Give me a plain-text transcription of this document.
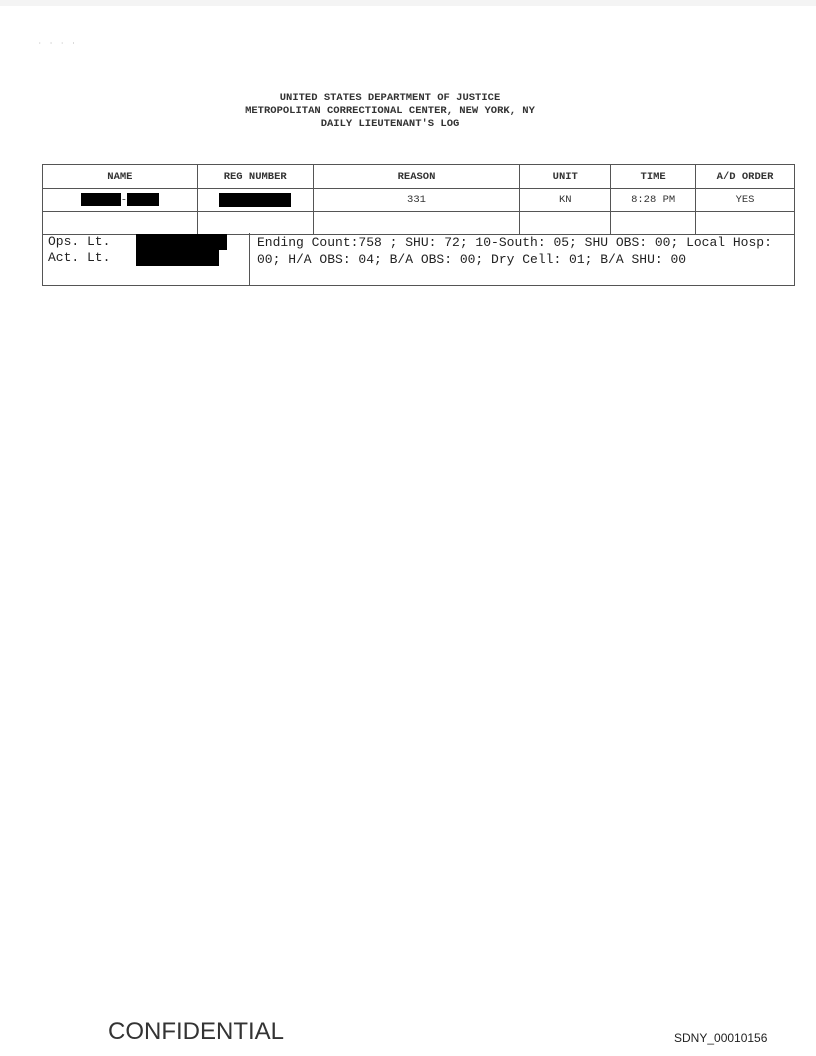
· · · ·
UNITED STATES DEPARTMENT OF JUSTICE
METROPOLITAN CORRECTIONAL CENTER, NEW YORK, NY
DAILY LIEUTENANT'S LOG
NAME	REG NUMBER	REASON	UNIT	TIME	A/D ORDER
-		331	KN	8:28 PM	YES

Ops. Lt.
Act. Lt.
Ending Count:758 ; SHU: 72; 10-South: 05; SHU OBS: 00; Local Hosp: 00; H/A OBS: 04; B/A OBS: 00; Dry Cell: 01; B/A SHU: 00
CONFIDENTIAL	SDNY_00010156
